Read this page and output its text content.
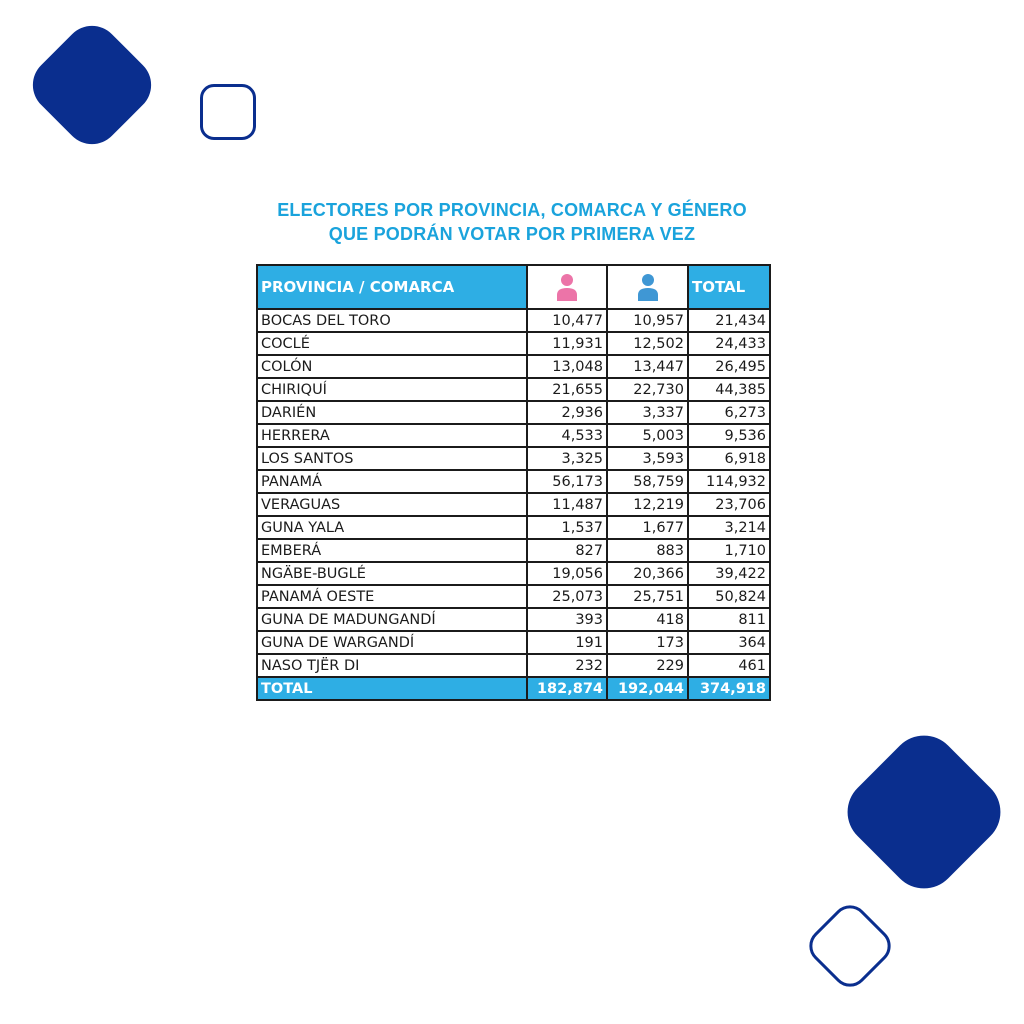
ELECTORES POR PROVINCIA, COMARCA Y GÉNERO
QUE PODRÁN VOTAR POR PRIMERA VEZ
PROVINCIA / COMARCA			TOTAL
BOCAS DEL TORO	10,477	10,957	21,434
COCLÉ	11,931	12,502	24,433
COLÓN	13,048	13,447	26,495
CHIRIQUÍ	21,655	22,730	44,385
DARIÉN	2,936	3,337	6,273
HERRERA	4,533	5,003	9,536
LOS SANTOS	3,325	3,593	6,918
PANAMÁ	56,173	58,759	114,932
VERAGUAS	11,487	12,219	23,706
GUNA YALA	1,537	1,677	3,214
EMBERÁ	827	883	1,710
NGÄBE-BUGLÉ	19,056	20,366	39,422
PANAMÁ OESTE	25,073	25,751	50,824
GUNA DE MADUNGANDÍ	393	418	811
GUNA DE WARGANDÍ	191	173	364
NASO TJËR DI	232	229	461
TOTAL	182,874	192,044	374,918
